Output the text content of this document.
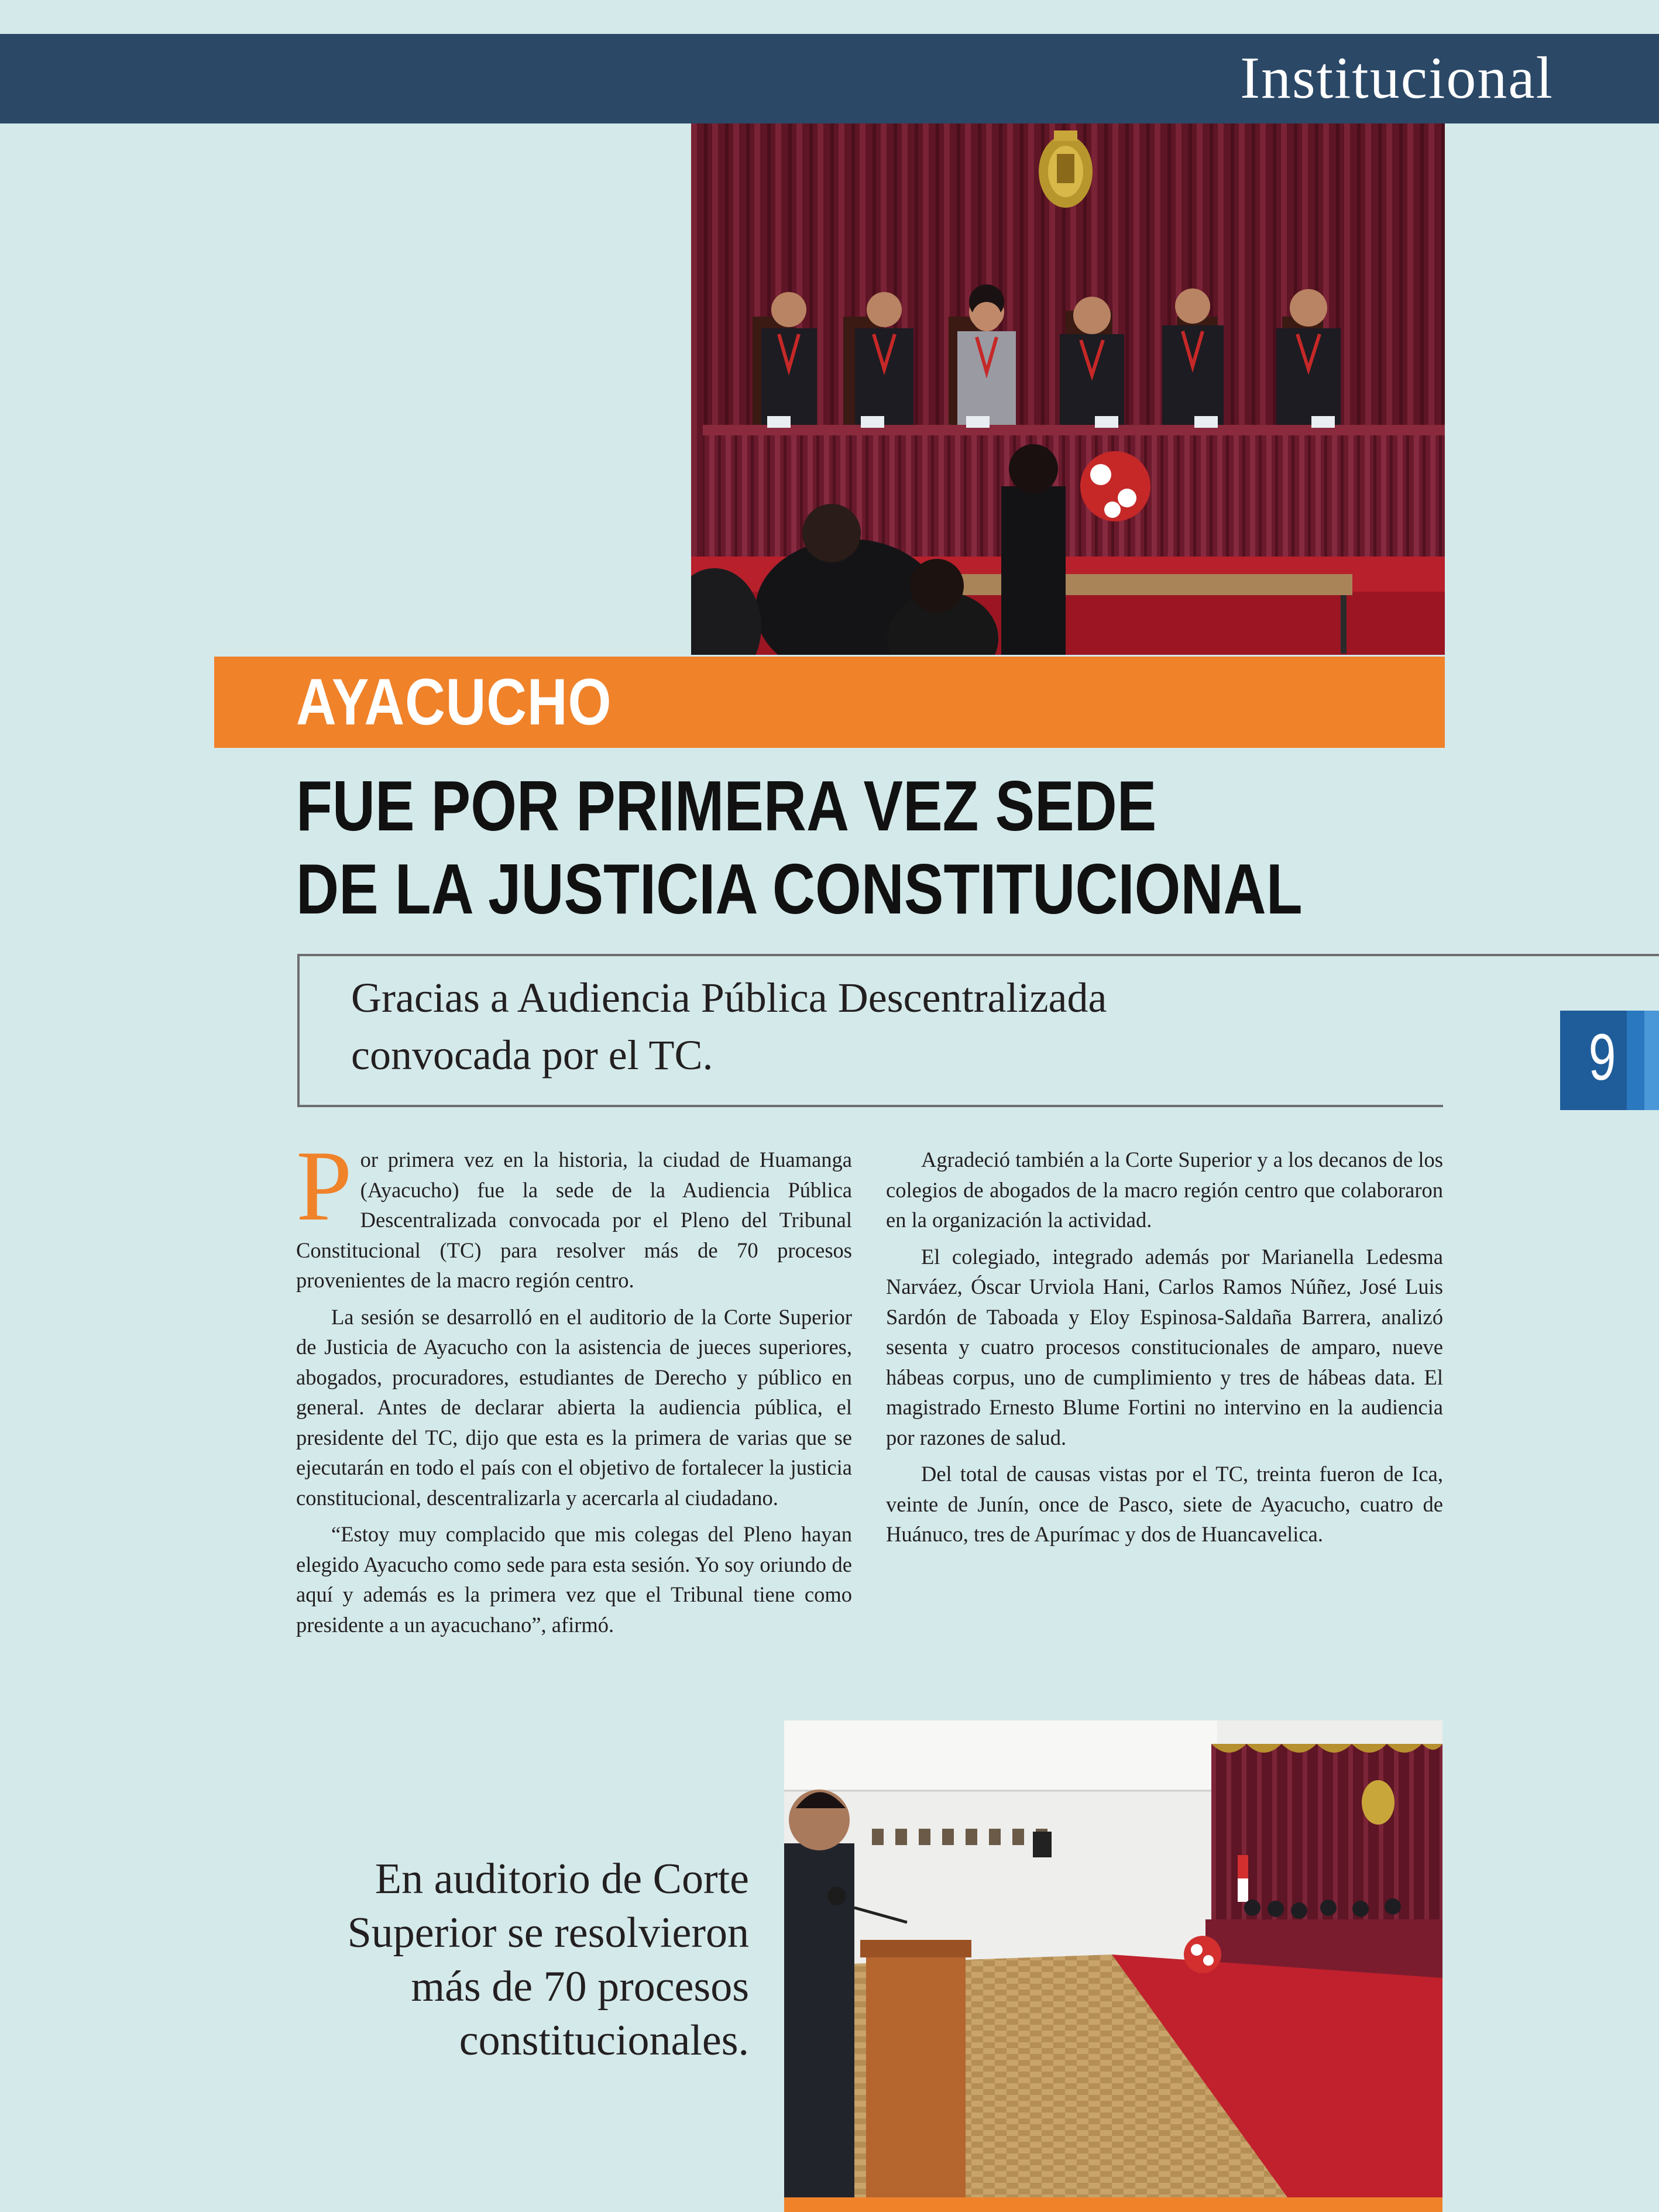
Institucional
AYACUCHO
FUE POR PRIMERA VEZ SEDE
DE LA JUSTICIA CONSTITUCIONAL
Gracias a Audiencia Pública Descentralizada
convocada por el TC.	9

Por primera vez en la historia, la ciudad de Huamanga (Ayacucho) fue la sede de la Audiencia Pública Descentralizada convocada por el Pleno del Tribunal Constitucional (TC) para resolver más de 70 procesos provenientes de la macro región centro.

La sesión se desarrolló en el auditorio de la Corte Superior de Justicia de Ayacucho con la asistencia de jueces superiores, abogados, procuradores, estudiantes de Derecho y público en general. Antes de declarar abierta la audiencia pública, el presidente del TC, dijo que esta es la primera de varias que se ejecutarán en todo el país con el objetivo de fortalecer la justicia constitucional, descentralizarla y acercarla al ciudadano.

“Estoy muy complacido que mis colegas del Pleno hayan elegido Ayacucho como sede para esta sesión. Yo soy oriundo de aquí y además es la primera vez que el Tribunal tiene como presidente a un ayacuchano”, afirmó.

Agradeció también a la Corte Superior y a los decanos de los colegios de abogados de la macro región centro que colaboraron en la organización la actividad.

El colegiado, integrado además por Marianella Ledesma Narváez, Óscar Urviola Hani, Carlos Ramos Núñez, José Luis Sardón de Taboada y Eloy Espinosa-Saldaña Barrera, analizó sesenta y cuatro procesos constitucionales de amparo, nueve hábeas corpus, uno de cumplimiento y tres de hábeas data. El magistrado Ernesto Blume Fortini no intervino en la audiencia por razones de salud.

Del total de causas vistas por el TC, treinta fueron de Ica, veinte de Junín, once de Pasco, siete de Ayacucho, cuatro de Huánuco, tres de Apurímac y dos de Huancavelica.

En auditorio de Corte
Superior se resolvieron
más de 70 procesos
constitucionales.
